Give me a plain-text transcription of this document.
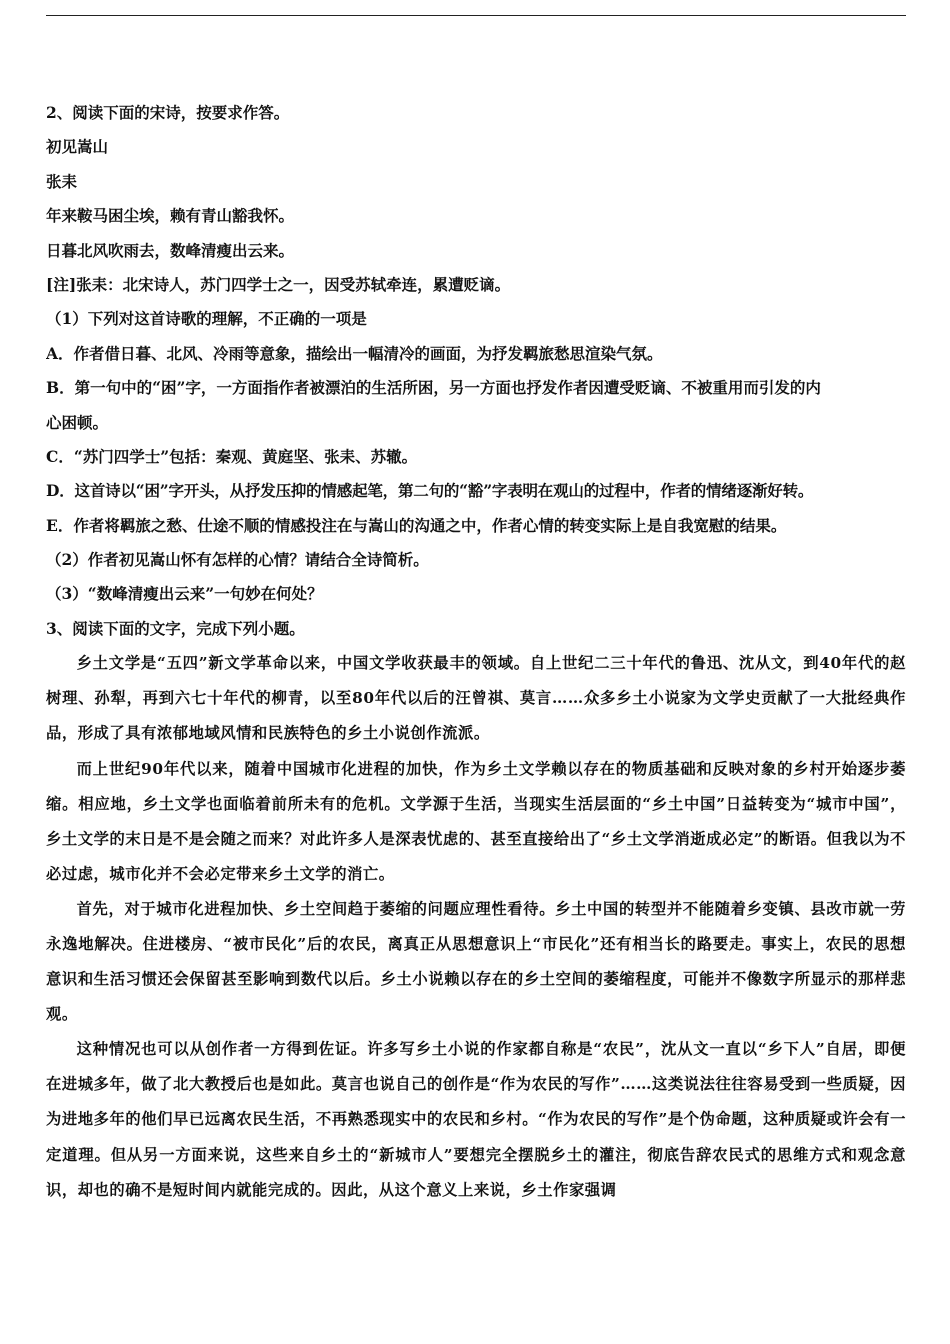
2、阅读下面的宋诗，按要求作答。
初见嵩山
张耒
年来鞍马困尘埃，赖有青山豁我怀。
日暮北风吹雨去，数峰清瘦出云来。
[注]张耒：北宋诗人，苏门四学士之一，因受苏轼牵连，累遭贬谪。
（1）下列对这首诗歌的理解，不正确的一项是
A．作者借日暮、北风、冷雨等意象，描绘出一幅清冷的画面，为抒发羁旅愁思渲染气氛。
B．第一句中的“困”字，一方面指作者被漂泊的生活所困，另一方面也抒发作者因遭受贬谪、不被重用而引发的内
心困顿。
C．“苏门四学士”包括：秦观、黄庭坚、张耒、苏辙。
D．这首诗以“困”字开头，从抒发压抑的情感起笔，第二句的“豁”字表明在观山的过程中，作者的情绪逐渐好转。
E．作者将羁旅之愁、仕途不顺的情感投注在与嵩山的沟通之中，作者心情的转变实际上是自我宽慰的结果。
（2）作者初见嵩山怀有怎样的心情？请结合全诗简析。
（3）“数峰清瘦出云来”一句妙在何处？
3、阅读下面的文字，完成下列小题。
乡土文学是“五四”新文学革命以来，中国文学收获最丰的领域。自上世纪二三十年代的鲁迅、沈从文，到40年代的赵树理、孙犁，再到六七十年代的柳青，以至80年代以后的汪曾祺、莫言……众多乡土小说家为文学史贡献了一大批经典作品，形成了具有浓郁地域风情和民族特色的乡土小说创作流派。
而上世纪90年代以来，随着中国城市化进程的加快，作为乡土文学赖以存在的物质基础和反映对象的乡村开始逐步萎缩。相应地，乡土文学也面临着前所未有的危机。文学源于生活，当现实生活层面的“乡土中国”日益转变为“城市中国”，乡土文学的末日是不是会随之而来？对此许多人是深表忧虑的、甚至直接给出了“乡土文学消逝成必定”的断语。但我以为不必过虑，城市化并不会必定带来乡土文学的消亡。
首先，对于城市化进程加快、乡土空间趋于萎缩的问题应理性看待。乡土中国的转型并不能随着乡变镇、县改市就一劳永逸地解决。住进楼房、“被市民化”后的农民，离真正从思想意识上“市民化”还有相当长的路要走。事实上，农民的思想意识和生活习惯还会保留甚至影响到数代以后。乡土小说赖以存在的乡土空间的萎缩程度，可能并不像数字所显示的那样悲观。
这种情况也可以从创作者一方得到佐证。许多写乡土小说的作家都自称是“农民”，沈从文一直以“乡下人”自居，即便在进城多年，做了北大教授后也是如此。莫言也说自己的创作是“作为农民的写作”……这类说法往往容易受到一些质疑，因为进地多年的他们早已远离农民生活，不再熟悉现实中的农民和乡村。“作为农民的写作”是个伪命题，这种质疑或许会有一定道理。但从另一方面来说，这些来自乡土的“新城市人”要想完全摆脱乡土的灌注，彻底告辞农民式的思维方式和观念意识，却也的确不是短时间内就能完成的。因此，从这个意义上来说，乡土作家强调
